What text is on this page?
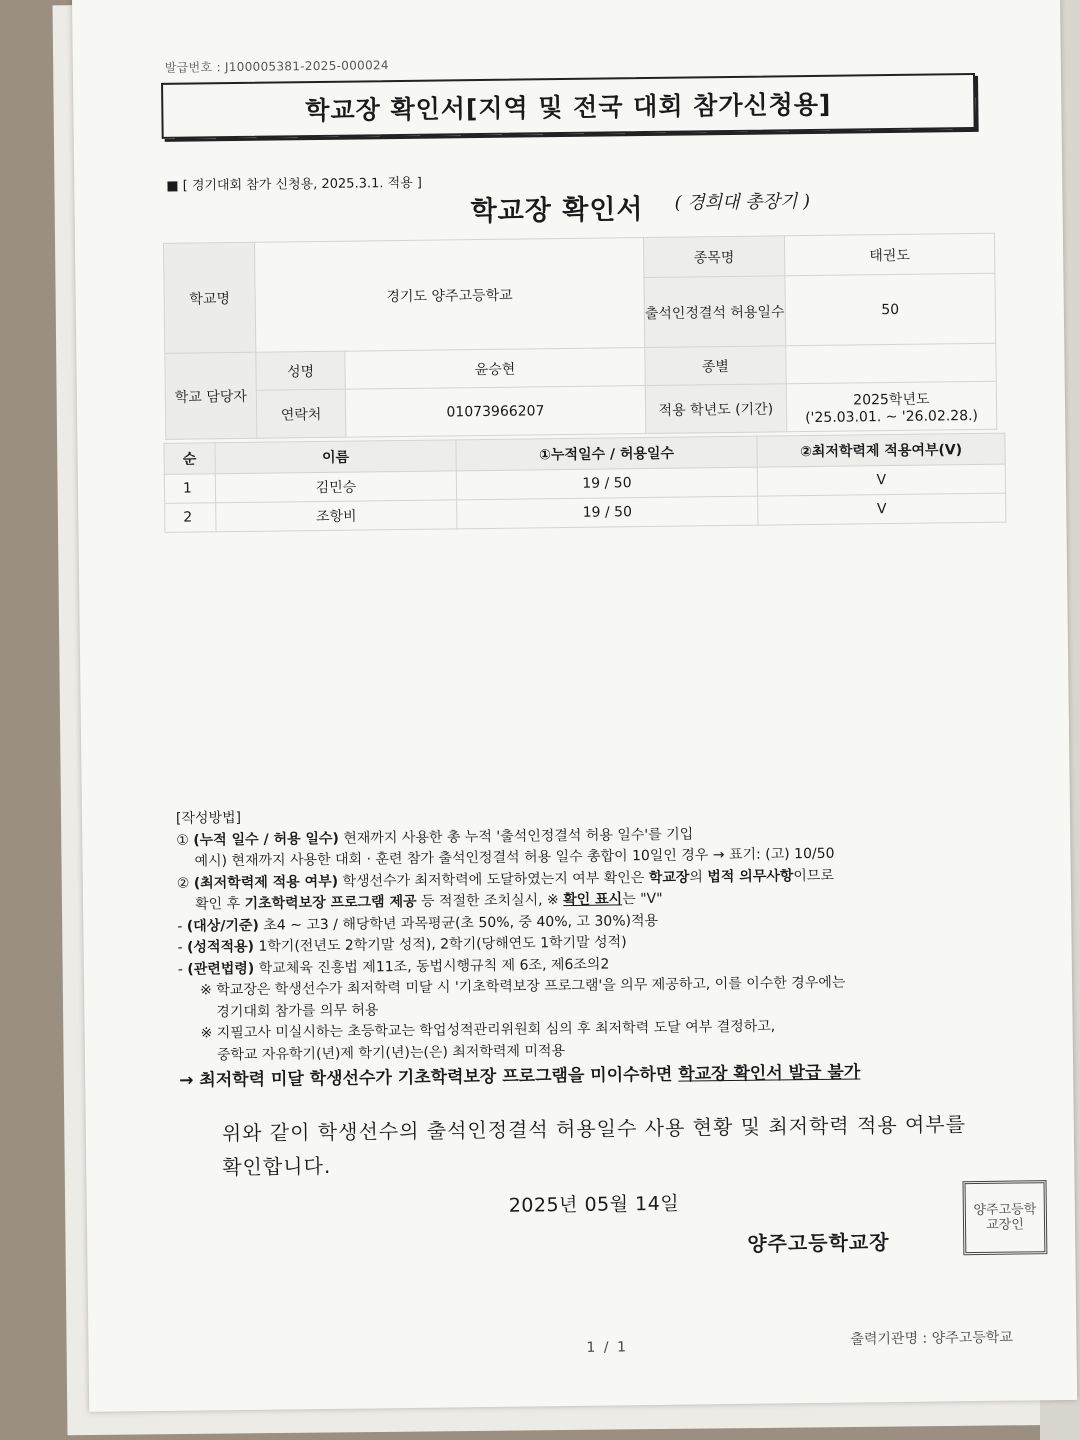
발급번호 : J100005381-2025-000024
학교장 확인서[지역 및 전국 대회 참가신청용]
■ [ 경기대회 참가 신청용, 2025.3.1. 적용 ]
학교장 확인서 ( 경희대 총장기 )
학교명	경기도 양주고등학교		종목명	태권도
			출석인정결석 허용일수	50
학교 담당자	성명	윤승현	종별	
	연락처	01073966207	적용 학년도 (기간)	2025학년도
('25.03.01. ~ '26.02.28.)
순	이름	①누적일수 / 허용일수	②최저학력제 적용여부(V)
1	김민승	19 / 50	V
2	조항비	19 / 50	V

[작성방법]

① (누적 일수 / 허용 일수) 현재까지 사용한 총 누적 '출석인정결석 허용 일수'를 기입

예시) 현재까지 사용한 대회 · 훈련 참가 출석인정결석 허용 일수 총합이 10일인 경우 → 표기: (고) 10/50

② (최저학력제 적용 여부) 학생선수가 최저학력에 도달하였는지 여부 확인은 학교장의 법적 의무사항이므로

확인 후 기초학력보장 프로그램 제공 등 적절한 조치실시, ※ 확인 표시는 "V"

- (대상/기준) 초4 ~ 고3 / 해당학년 과목평균(초 50%, 중 40%, 고 30%)적용

- (성적적용) 1학기(전년도 2학기말 성적), 2학기(당해연도 1학기말 성적)

- (관련법령) 학교체육 진흥법 제11조, 동법시행규칙 제 6조, 제6조의2

※ 학교장은 학생선수가 최저학력 미달 시 '기초학력보장 프로그램'을 의무 제공하고, 이를 이수한 경우에는

경기대회 참가를 의무 허용

※ 지필고사 미실시하는 초등학교는 학업성적관리위원회 심의 후 최저학력 도달 여부 결정하고,

중학교 자유학기(년)제 학기(년)는(은) 최저학력제 미적용

→ 최저학력 미달 학생선수가 기초학력보장 프로그램을 미이수하면 학교장 확인서 발급 불가

위와 같이 학생선수의 출석인정결석 허용일수 사용 현황 및 최저학력 적용 여부를 확인합니다.
2025년 05월 14일
양주고등학교장
양주고등학교장인
1 / 1	출력기관명 : 양주고등학교
